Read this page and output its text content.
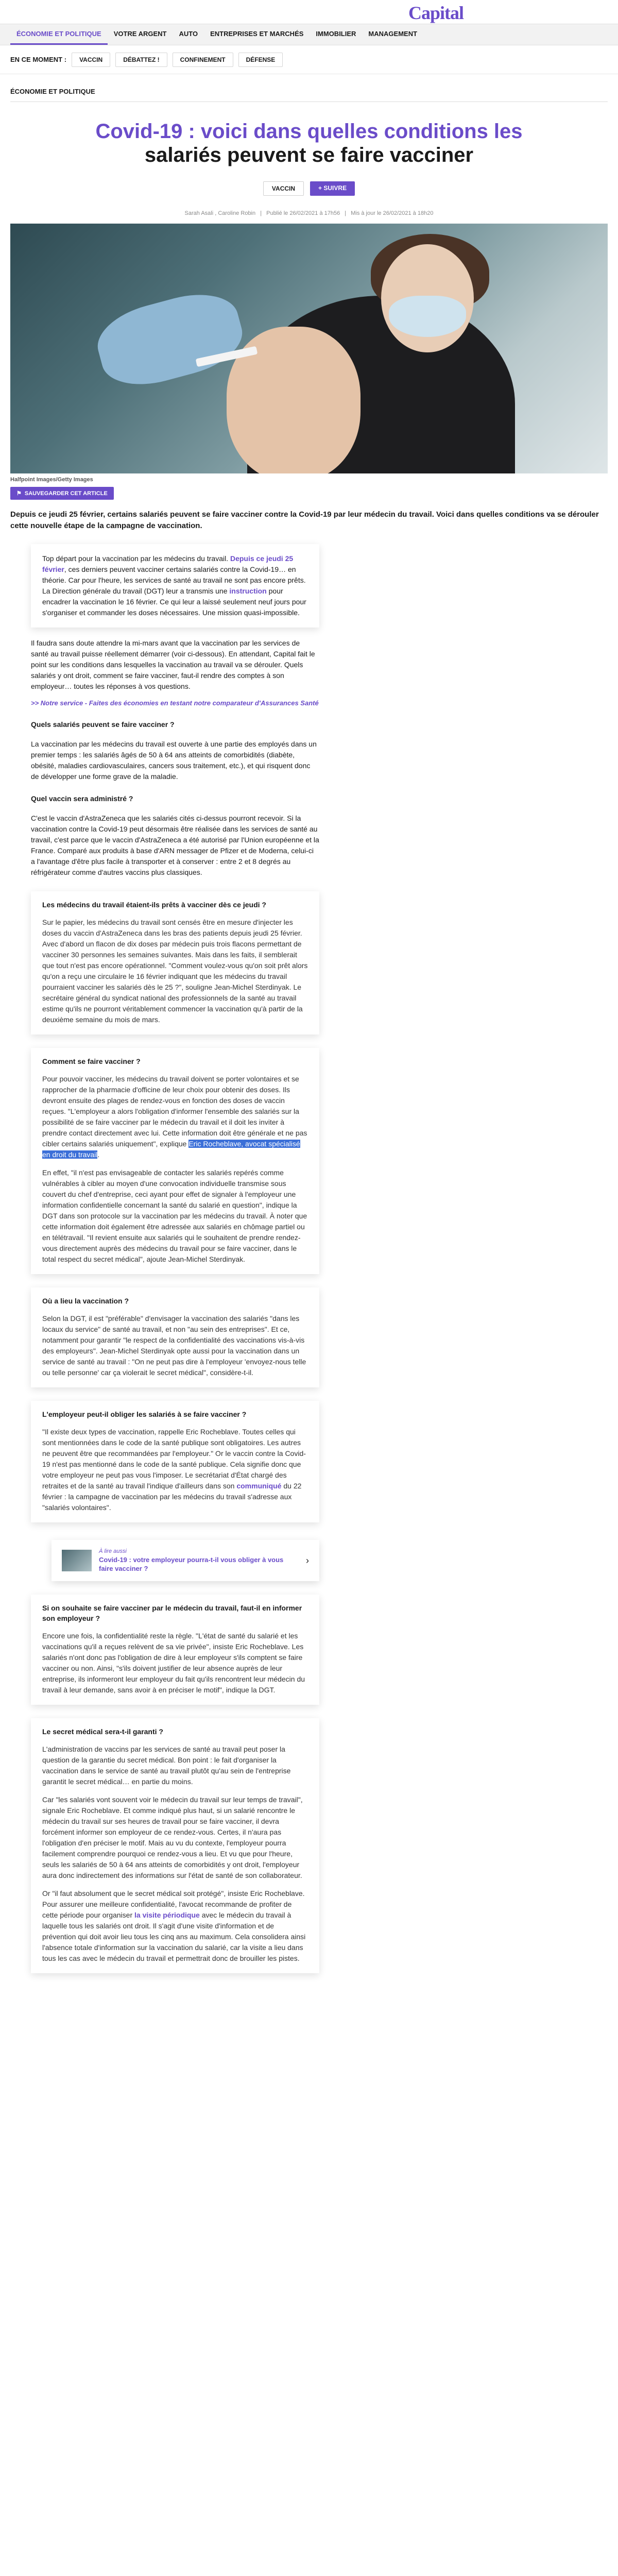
Capital
ÉCONOMIE ET POLITIQUE	VOTRE ARGENT	AUTO	ENTREPRISES ET MARCHÉS	IMMOBILIER	MANAGEMENT
EN CE MOMENT :	VACCIN	DÉBATTEZ !	CONFINEMENT	DÉFENSE
ÉCONOMIE ET POLITIQUE
Covid-19 : voici dans quelles conditions les
salariés peuvent se faire vacciner
VACCIN	+ SUIVRE
Sarah Asali , Caroline Robin | Publié le 26/02/2021 à 17h56 | Mis à jour le 26/02/2021 à 18h20
Halfpoint Images/Getty Images
⚑ SAUVEGARDER CET ARTICLE

Depuis ce jeudi 25 février, certains salariés peuvent se faire vacciner contre la Covid-19 par leur médecin du travail. Voici dans quelles conditions va se dérouler cette nouvelle étape de la campagne de vaccination.

Top départ pour la vaccination par les médecins du travail. Depuis ce jeudi 25 février, ces derniers peuvent vacciner certains salariés contre la Covid-19… en théorie. Car pour l'heure, les services de santé au travail ne sont pas encore prêts. La Direction générale du travail (DGT) leur a transmis une instruction pour encadrer la vaccination le 16 février. Ce qui leur a laissé seulement neuf jours pour s'organiser et commander les doses nécessaires. Une mission quasi-impossible.

Il faudra sans doute attendre la mi-mars avant que la vaccination par les services de santé au travail puisse réellement démarrer (voir ci-dessous). En attendant, Capital fait le point sur les conditions dans lesquelles la vaccination au travail va se dérouler. Quels salariés y ont droit, comment se faire vacciner, faut-il rendre des comptes à son employeur… toutes les réponses à vos questions.

>> Notre service - Faites des économies en testant notre comparateur d'Assurances Santé
Quels salariés peuvent se faire vacciner ?

La vaccination par les médecins du travail est ouverte à une partie des employés dans un premier temps : les salariés âgés de 50 à 64 ans atteints de comorbidités (diabète, obésité, maladies cardiovasculaires, cancers sous traitement, etc.), et qui risquent donc de développer une forme grave de la maladie.

Quel vaccin sera administré ?

C'est le vaccin d'AstraZeneca que les salariés cités ci-dessus pourront recevoir. Si la vaccination contre la Covid-19 peut désormais être réalisée dans les services de santé au travail, c'est parce que le vaccin d'AstraZeneca a été autorisé par l'Union européenne et la France. Comparé aux produits à base d'ARN messager de Pfizer et de Moderna, celui-ci a l'avantage d'être plus facile à transporter et à conserver : entre 2 et 8 degrés au réfrigérateur comme d'autres vaccins plus classiques.

Les médecins du travail étaient-ils prêts à vacciner dès ce jeudi ?

Sur le papier, les médecins du travail sont censés être en mesure d'injecter les doses du vaccin d'AstraZeneca dans les bras des patients depuis jeudi 25 février. Avec d'abord un flacon de dix doses par médecin puis trois flacons permettant de vacciner 30 personnes les semaines suivantes. Mais dans les faits, il semblerait que tout n'est pas encore opérationnel. "Comment voulez-vous qu'on soit prêt alors qu'on a reçu une circulaire le 16 février indiquant que les médecins du travail pourraient vacciner les salariés dès le 25 ?", souligne Jean-Michel Sterdinyak. Le secrétaire général du syndicat national des professionnels de la santé au travail estime qu'ils ne pourront véritablement commencer la vaccination qu'à partir de la deuxième semaine du mois de mars.

Comment se faire vacciner ?

Pour pouvoir vacciner, les médecins du travail doivent se porter volontaires et se rapprocher de la pharmacie d'officine de leur choix pour obtenir des doses. Ils devront ensuite des plages de rendez-vous en fonction des doses de vaccin reçues. "L'employeur a alors l'obligation d'informer l'ensemble des salariés sur la possibilité de se faire vacciner par le médecin du travail et il doit les inviter à prendre contact directement avec lui. Cette information doit être générale et ne pas cibler certains salariés uniquement", explique Eric Rocheblave, avocat spécialisé en droit du travail.

En effet, "il n'est pas envisageable de contacter les salariés repérés comme vulnérables à cibler au moyen d'une convocation individuelle transmise sous couvert du chef d'entreprise, ceci ayant pour effet de signaler à l'employeur une information confidentielle concernant la santé du salarié en question", indique la DGT dans son protocole sur la vaccination par les médecins du travail. À noter que cette information doit également être adressée aux salariés en chômage partiel ou en télétravail. "Il revient ensuite aux salariés qui le souhaitent de prendre rendez-vous directement auprès des médecins du travail pour se faire vacciner, dans le total respect du secret médical", ajoute Jean-Michel Sterdinyak.

Où a lieu la vaccination ?

Selon la DGT, il est "préférable" d'envisager la vaccination des salariés "dans les locaux du service" de santé au travail, et non "au sein des entreprises". Et ce, notamment pour garantir "le respect de la confidentialité des vaccinations vis-à-vis des employeurs". Jean-Michel Sterdinyak opte aussi pour la vaccination dans un service de santé au travail : "On ne peut pas dire à l'employeur 'envoyez-nous telle ou telle personne' car ça violerait le secret médical", considère-t-il.

L'employeur peut-il obliger les salariés à se faire vacciner ?

"Il existe deux types de vaccination, rappelle Eric Rocheblave. Toutes celles qui sont mentionnées dans le code de la santé publique sont obligatoires. Les autres ne peuvent être que recommandées par l'employeur." Or le vaccin contre la Covid-19 n'est pas mentionné dans le code de la santé publique. Cela signifie donc que votre employeur ne peut pas vous l'imposer. Le secrétariat d'État chargé des retraites et de la santé au travail l'indique d'ailleurs dans son communiqué du 22 février : la campagne de vaccination par les médecins du travail s'adresse aux "salariés volontaires".

À lire aussi
Covid-19 : votre employeur pourra-t-il vous obliger à vous faire vacciner ?
›
Si on souhaite se faire vacciner par le médecin du travail, faut-il en informer son employeur ?

Encore une fois, la confidentialité reste la règle. "L'état de santé du salarié et les vaccinations qu'il a reçues relèvent de sa vie privée", insiste Eric Rocheblave. Les salariés n'ont donc pas l'obligation de dire à leur employeur s'ils comptent se faire vacciner ou non. Ainsi, "s'ils doivent justifier de leur absence auprès de leur entreprise, ils informeront leur employeur du fait qu'ils rencontrent leur médecin du travail à leur demande, sans avoir à en préciser le motif", indique la DGT.

Le secret médical sera-t-il garanti ?

L'administration de vaccins par les services de santé au travail peut poser la question de la garantie du secret médical. Bon point : le fait d'organiser la vaccination dans le service de santé au travail plutôt qu'au sein de l'entreprise garantit le secret médical… en partie du moins.

Car "les salariés vont souvent voir le médecin du travail sur leur temps de travail", signale Eric Rocheblave. Et comme indiqué plus haut, si un salarié rencontre le médecin du travail sur ses heures de travail pour se faire vacciner, il devra forcément informer son employeur de ce rendez-vous. Certes, il n'aura pas l'obligation d'en préciser le motif. Mais au vu du contexte, l'employeur pourra facilement comprendre pourquoi ce rendez-vous a lieu. Et vu que pour l'heure, seuls les salariés de 50 à 64 ans atteints de comorbidités y ont droit, l'employeur aura donc indirectement des informations sur l'état de santé de son collaborateur.

Or "il faut absolument que le secret médical soit protégé", insiste Eric Rocheblave. Pour assurer une meilleure confidentialité, l'avocat recommande de profiter de cette période pour organiser la visite périodique avec le médecin du travail à laquelle tous les salariés ont droit. Il s'agit d'une visite d'information et de prévention qui doit avoir lieu tous les cinq ans au maximum. Cela consolidera ainsi l'absence totale d'information sur la vaccination du salarié, car la visite a lieu dans tous les cas avec le médecin du travail et permettrait donc de brouiller les pistes.
